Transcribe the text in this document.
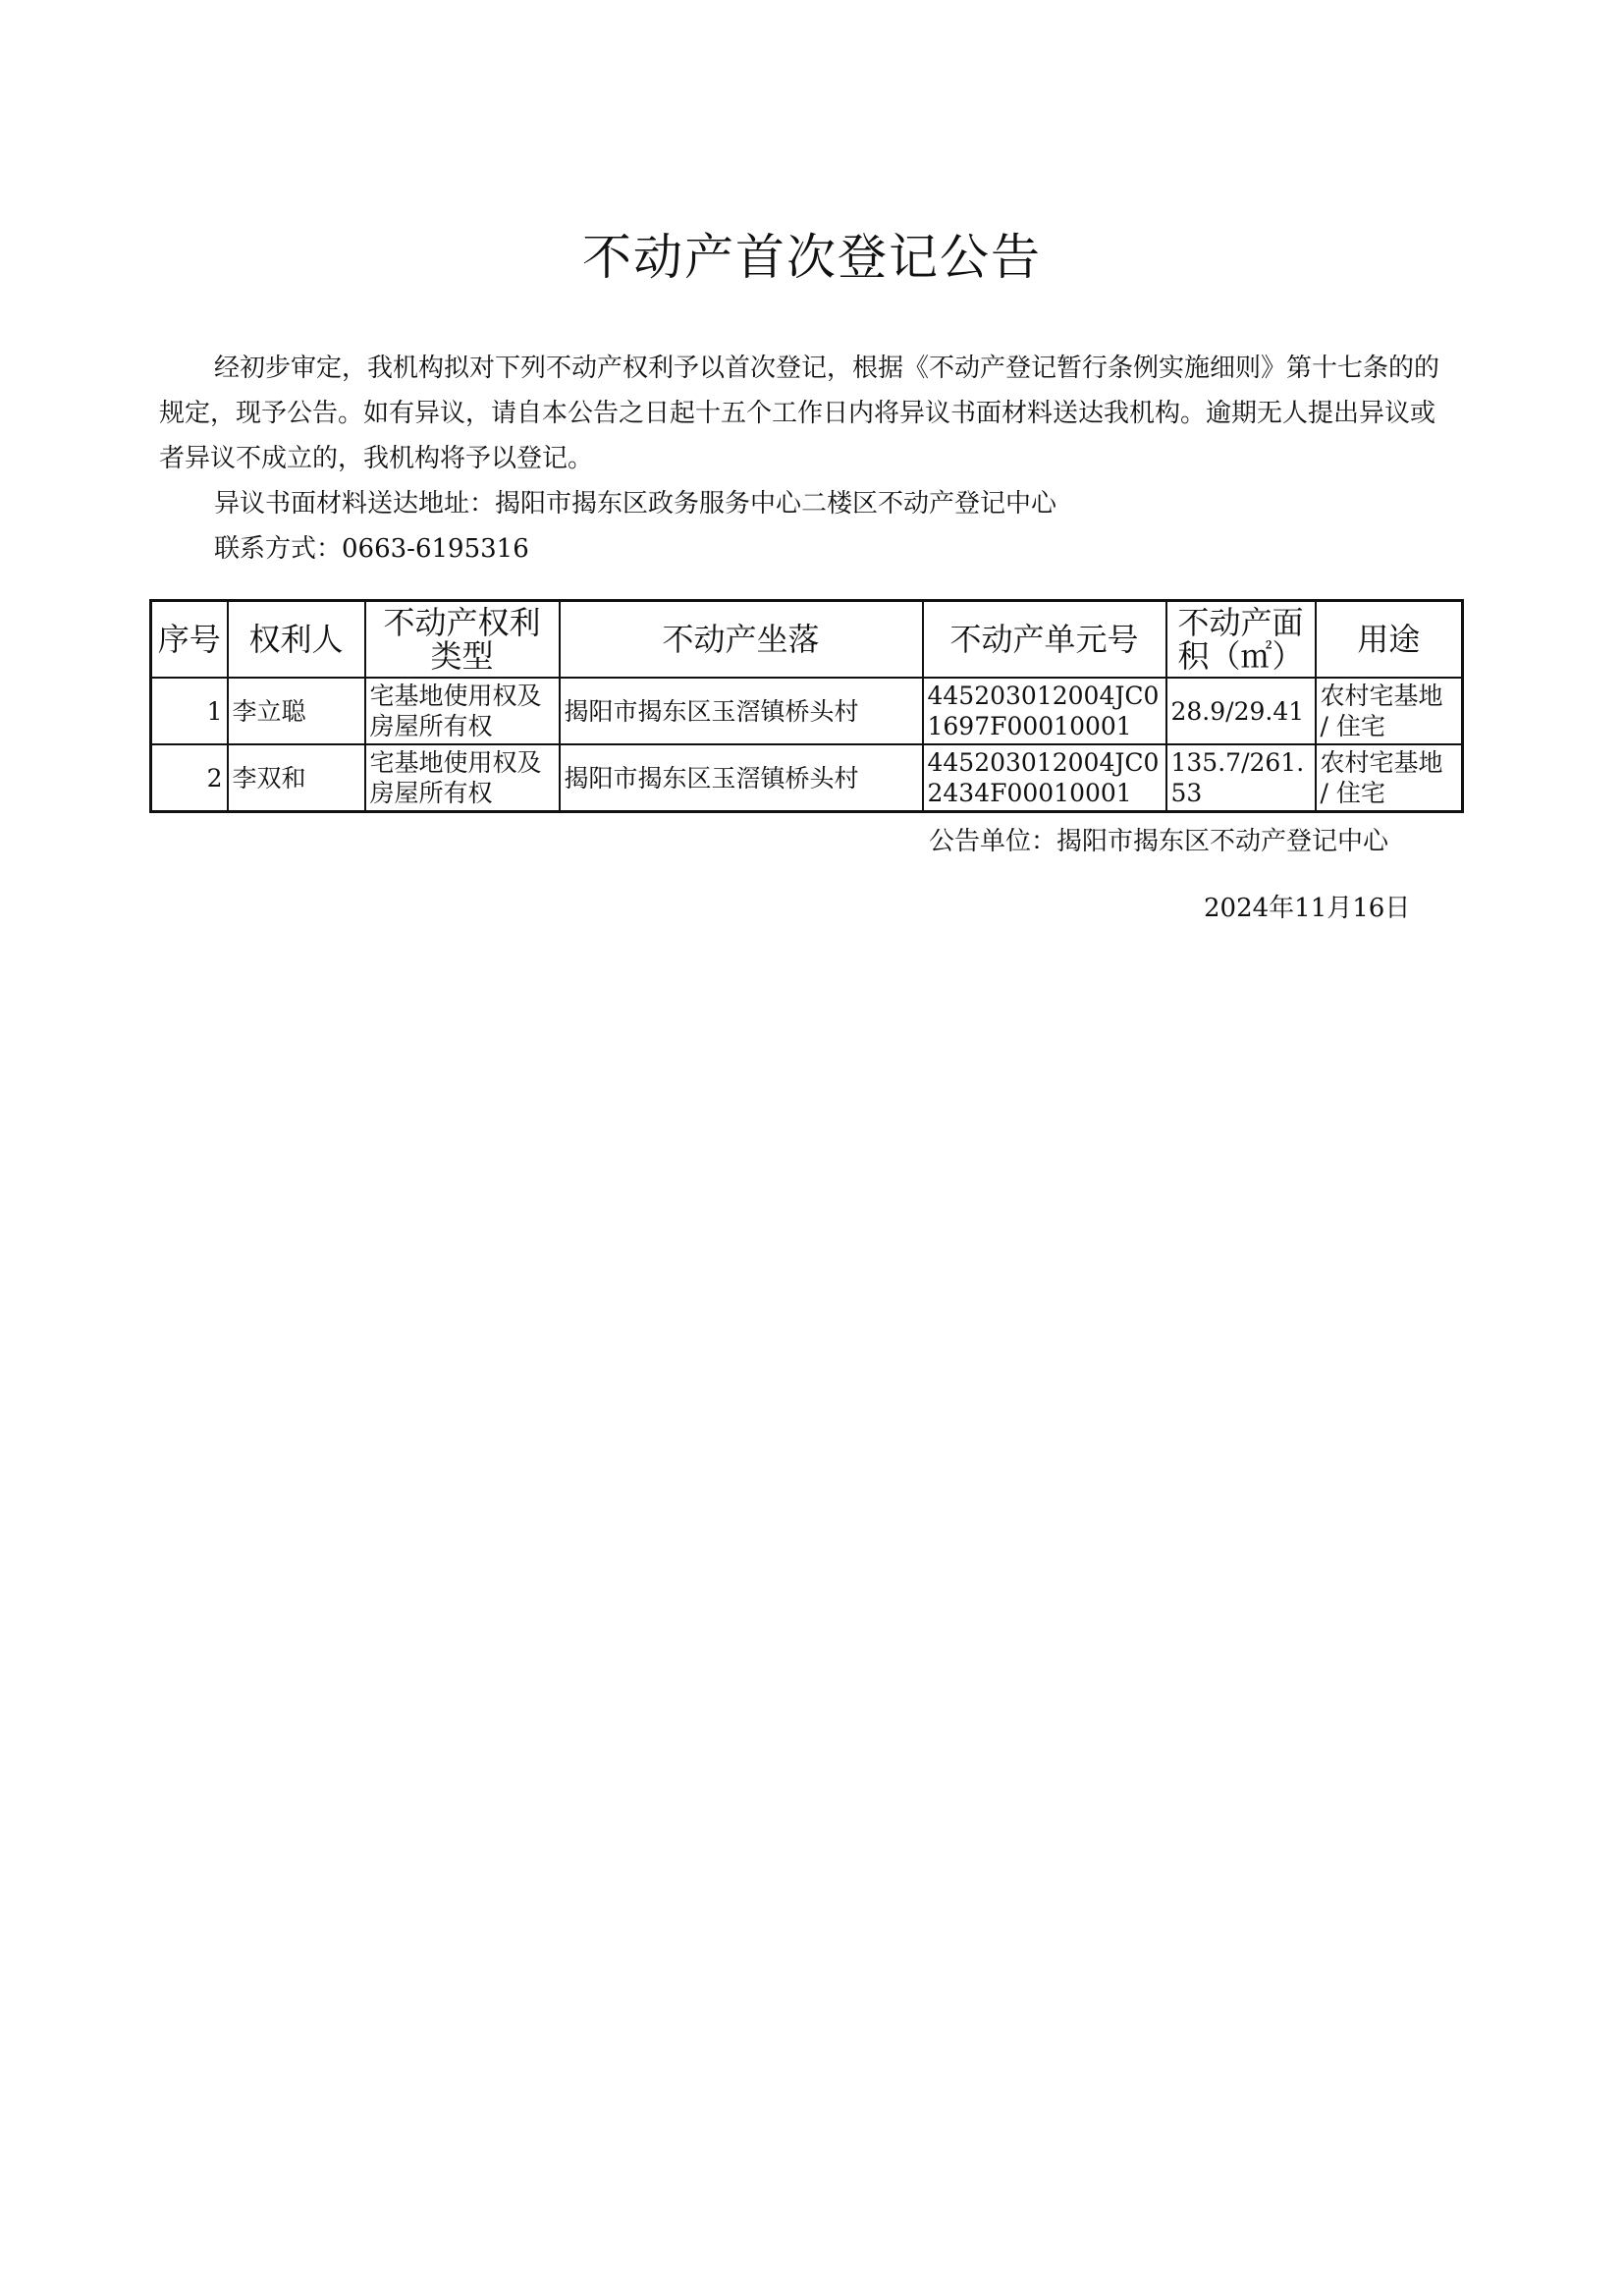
不动产首次登记公告

经初步审定，我机构拟对下列不动产权利予以首次登记，根据《不动产登记暂行条例实施细则》第十七条的的规定，现予公告。如有异议，请自本公告之日起十五个工作日内将异议书面材料送达我机构。逾期无人提出异议或者异议不成立的，我机构将予以登记。

异议书面材料送达地址：揭阳市揭东区政务服务中心二楼区不动产登记中心

联系方式：0663-6195316

序号	权利人	不动产权利类型	不动产坐落	不动产单元号	不动产面积（㎡）	用途
1	李立聪	宅基地使用权及房屋所有权	揭阳市揭东区玉滘镇桥头村	445203012004JC01697F00010001	28.9/29.41	农村宅基地 / 住宅
2	李双和	宅基地使用权及房屋所有权	揭阳市揭东区玉滘镇桥头村	445203012004JC02434F00010001	135.7/261.53	农村宅基地 / 住宅
公告单位：揭阳市揭东区不动产登记中心
2024年11月16日
